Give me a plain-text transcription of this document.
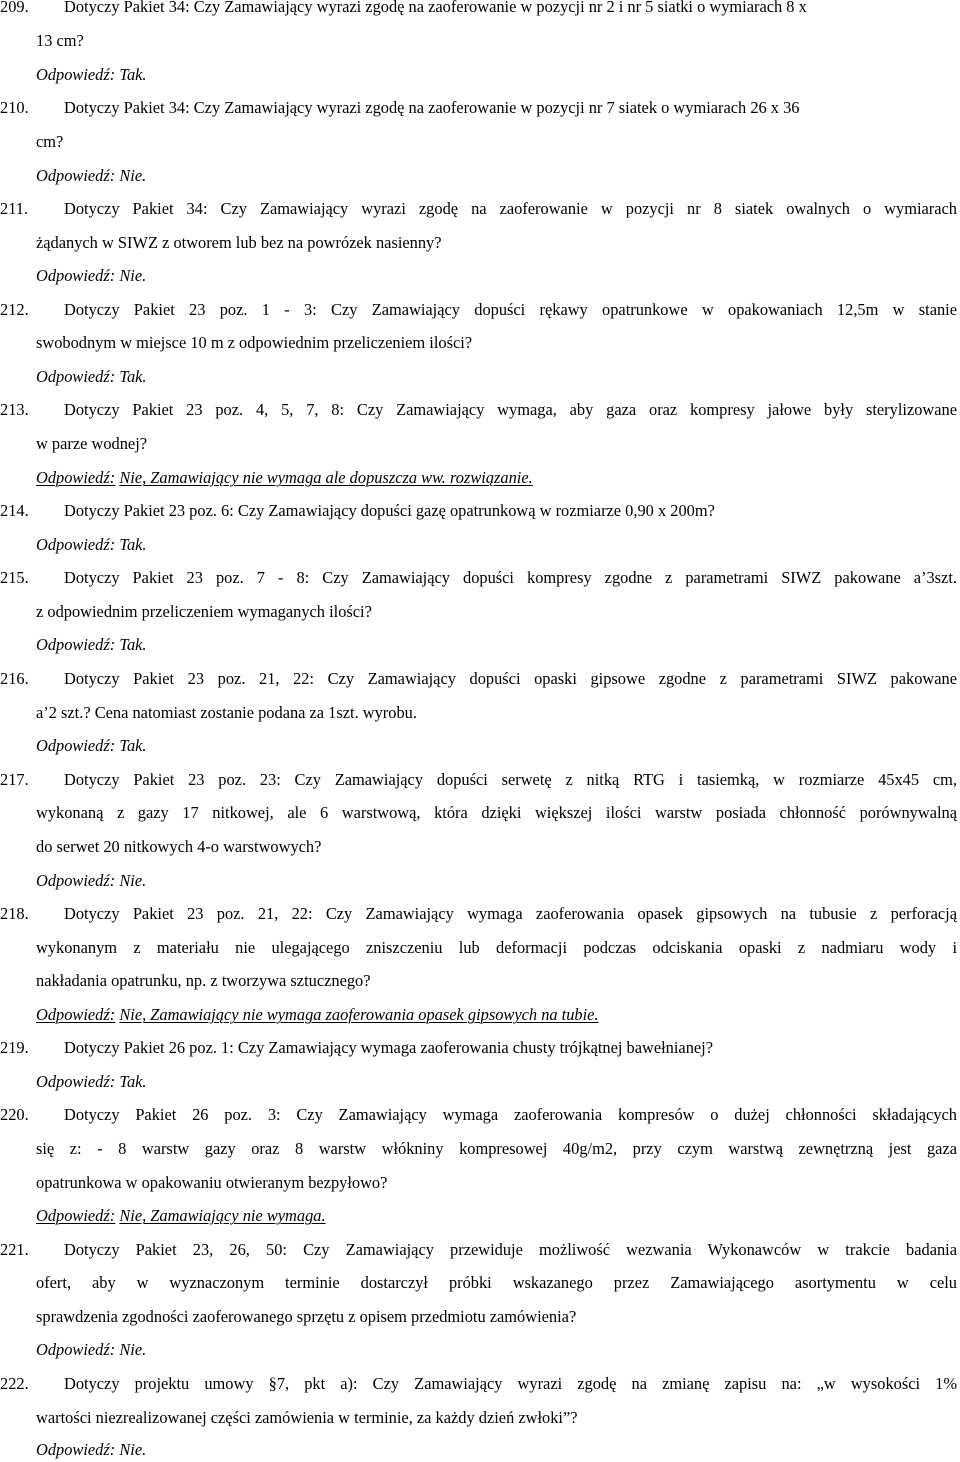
209.	Dotyczy Pakiet 34: Czy Zamawiający wyrazi zgodę na zaoferowanie w pozycji nr 2 i nr 5 siatki o wymiarach 8 x
13 cm?
Odpowiedź: Tak.
210.	Dotyczy Pakiet 34: Czy Zamawiający wyrazi zgodę na zaoferowanie w pozycji nr 7 siatek o wymiarach 26 x 36
cm?
Odpowiedź: Nie.
211.	Dotyczy Pakiet 34: Czy Zamawiający wyrazi zgodę na zaoferowanie w pozycji nr 8 siatek owalnych o wymiarach
żądanych w SIWZ z otworem lub bez na powrózek nasienny?
Odpowiedź: Nie.
212.	Dotyczy Pakiet 23 poz. 1 - 3: Czy Zamawiający dopuści rękawy opatrunkowe w opakowaniach 12,5m w stanie
swobodnym w miejsce 10 m z odpowiednim przeliczeniem ilości?
Odpowiedź: Tak.
213.	Dotyczy Pakiet 23 poz. 4, 5, 7, 8: Czy Zamawiający wymaga, aby gaza oraz kompresy jałowe były sterylizowane
w parze wodnej?
Odpowiedź: Nie, Zamawiający nie wymaga ale dopuszcza ww. rozwiązanie.
214.	Dotyczy Pakiet 23 poz. 6: Czy Zamawiający dopuści gazę opatrunkową w rozmiarze 0,90 x 200m?
Odpowiedź: Tak.
215.	Dotyczy Pakiet 23 poz. 7 - 8: Czy Zamawiający dopuści kompresy zgodne z parametrami SIWZ pakowane a’3szt.
z odpowiednim przeliczeniem wymaganych ilości?
Odpowiedź: Tak.
216.	Dotyczy Pakiet 23 poz. 21, 22: Czy Zamawiający dopuści opaski gipsowe zgodne z parametrami SIWZ pakowane
a’2 szt.? Cena natomiast zostanie podana za 1szt. wyrobu.
Odpowiedź: Tak.
217.	Dotyczy Pakiet 23 poz. 23: Czy Zamawiający dopuści serwetę z nitką RTG i tasiemką, w rozmiarze 45x45 cm,
wykonaną z gazy 17 nitkowej, ale 6 warstwową, która dzięki większej ilości warstw posiada chłonność porównywalną
do serwet 20 nitkowych 4-o warstwowych?
Odpowiedź: Nie.
218.	Dotyczy Pakiet 23 poz. 21, 22: Czy Zamawiający wymaga zaoferowania opasek gipsowych na tubusie z perforacją
wykonanym z materiału nie ulegającego zniszczeniu lub deformacji podczas odciskania opaski z nadmiaru wody i
nakładania opatrunku, np. z tworzywa sztucznego?
Odpowiedź: Nie, Zamawiający nie wymaga zaoferowania opasek gipsowych na tubie.
219.	Dotyczy Pakiet 26 poz. 1: Czy Zamawiający wymaga zaoferowania chusty trójkątnej bawełnianej?
Odpowiedź: Tak.
220.	Dotyczy Pakiet 26 poz. 3: Czy Zamawiający wymaga zaoferowania kompresów o dużej chłonności składających
się z: - 8 warstw gazy oraz 8 warstw włókniny kompresowej 40g/m2, przy czym warstwą zewnętrzną jest gaza
opatrunkowa w opakowaniu otwieranym bezpyłowo?
Odpowiedź: Nie, Zamawiający nie wymaga.
221.	Dotyczy Pakiet 23, 26, 50: Czy Zamawiający przewiduje możliwość wezwania Wykonawców w trakcie badania
ofert, aby w wyznaczonym terminie dostarczył próbki wskazanego przez Zamawiającego asortymentu w celu
sprawdzenia zgodności zaoferowanego sprzętu z opisem przedmiotu zamówienia?
Odpowiedź: Nie.
222.	Dotyczy projektu umowy §7, pkt a): Czy Zamawiający wyrazi zgodę na zmianę zapisu na: „w wysokości 1%
wartości niezrealizowanej części zamówienia w terminie, za każdy dzień zwłoki”?
Odpowiedź: Nie.
